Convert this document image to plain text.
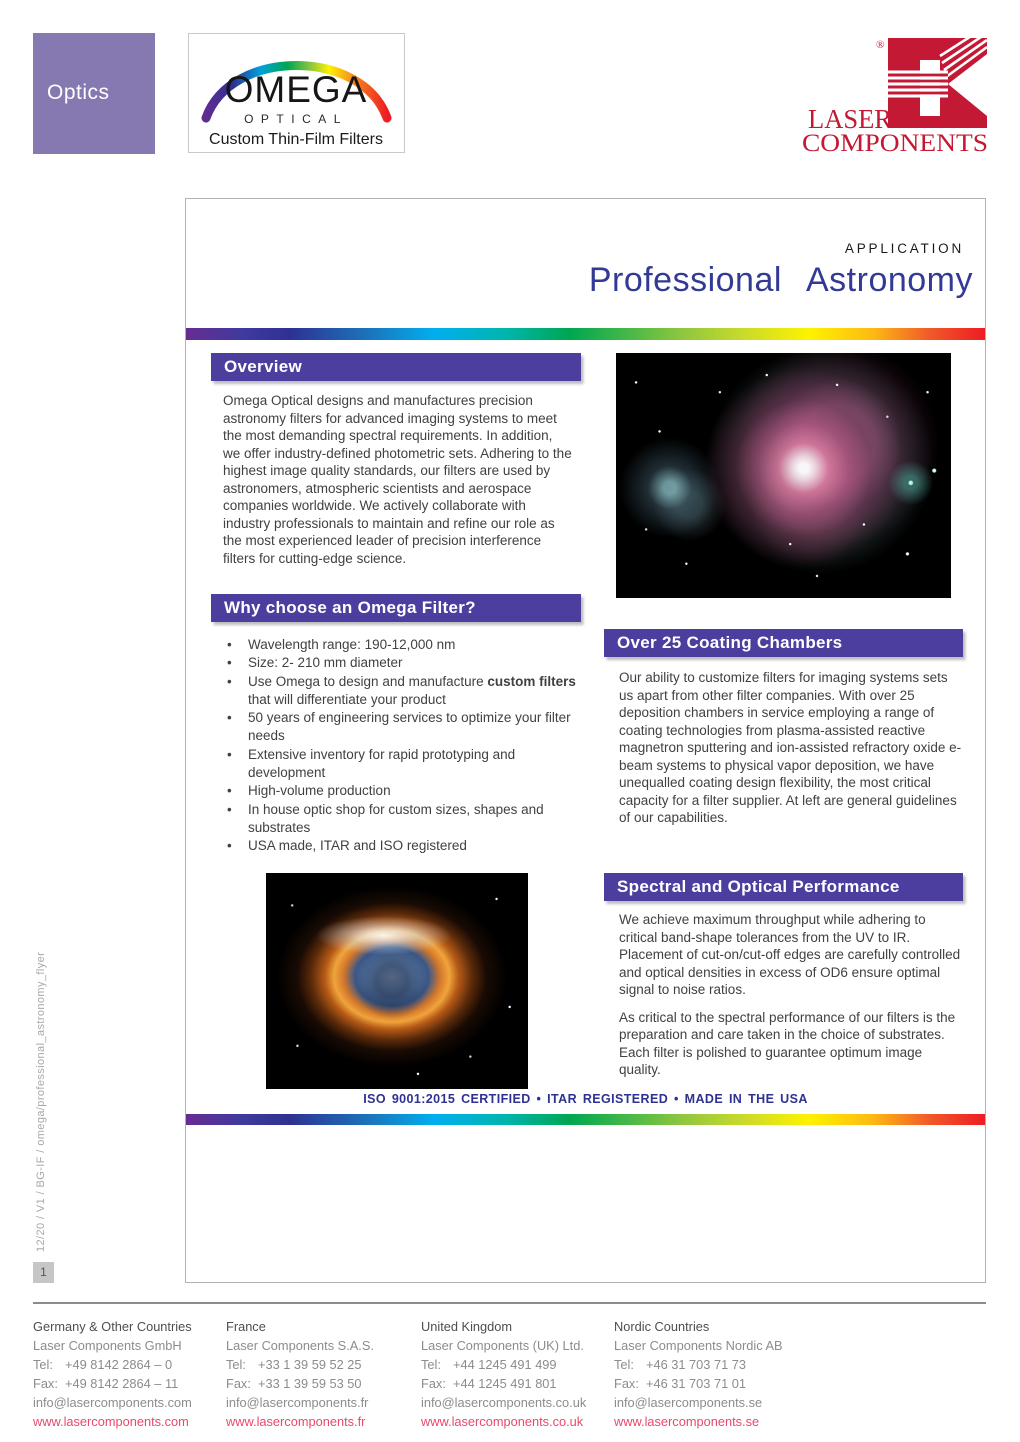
Optics	OMEGA
OPTICAL
Custom Thin-Film Filters
®
LASER
COMPONENTS
APPLICATION
Professional Astronomy
Overview
Omega Optical designs and manufactures precision astronomy filters for advanced imaging systems to meet the most demanding spectral requirements. In addition, we offer industry-defined photometric sets. Adhering to the highest image quality standards, our filters are used by astronomers, atmospheric scientists and aerospace companies worldwide. We actively collaborate with industry professionals to maintain and refine our role as the most experienced leader of precision interference filters for cutting-edge science.
Why choose an Omega Filter?
• Wavelength range: 190-12,000 nm
• Size: 2- 210 mm diameter
• Use Omega to design and manufacture custom filters that will differentiate your product
• 50 years of engineering services to optimize your filter needs
• Extensive inventory for rapid prototyping and development
• High-volume production
• In house optic shop for custom sizes, shapes and substrates
• USA made, ITAR and ISO registered
Over 25 Coating Chambers
Our ability to customize filters for imaging systems sets us apart from other filter companies. With over 25 deposition chambers in service employing a range of coating technologies from plasma-assisted reactive magnetron sputtering and ion-assisted refractory oxide e-beam systems to physical vapor deposition, we have unequalled coating design flexibility, the most critical capacity for a filter supplier. At left are general guidelines of our capabilities.
Spectral and Optical Performance

We achieve maximum throughput while adhering to critical band-shape tolerances from the UV to IR. Placement of cut-on/cut-off edges are carefully controlled and optical densities in excess of OD6 ensure optimal signal to noise ratios.

As critical to the spectral performance of our filters is the preparation and care taken in the choice of substrates. Each filter is polished to guarantee optimum image quality.

ISO 9001:2015 CERTIFIED • ITAR REGISTERED • MADE IN THE USA
12/20 / V1 / BG-IF / omega/professional_astronomy_flyer
1
Germany & Other Countries
Laser Components GmbH
Tel: +49 8142 2864 – 0
Fax: +49 8142 2864 – 11
info@lasercomponents.com
www.lasercomponents.com
France
Laser Components S.A.S.
Tel: +33 1 39 59 52 25
Fax: +33 1 39 59 53 50
info@lasercomponents.fr
www.lasercomponents.fr
United Kingdom
Laser Components (UK) Ltd.
Tel: +44 1245 491 499
Fax: +44 1245 491 801
info@lasercomponents.co.uk
www.lasercomponents.co.uk
Nordic Countries
Laser Components Nordic AB
Tel: +46 31 703 71 73
Fax: +46 31 703 71 01
info@lasercomponents.se
www.lasercomponents.se
